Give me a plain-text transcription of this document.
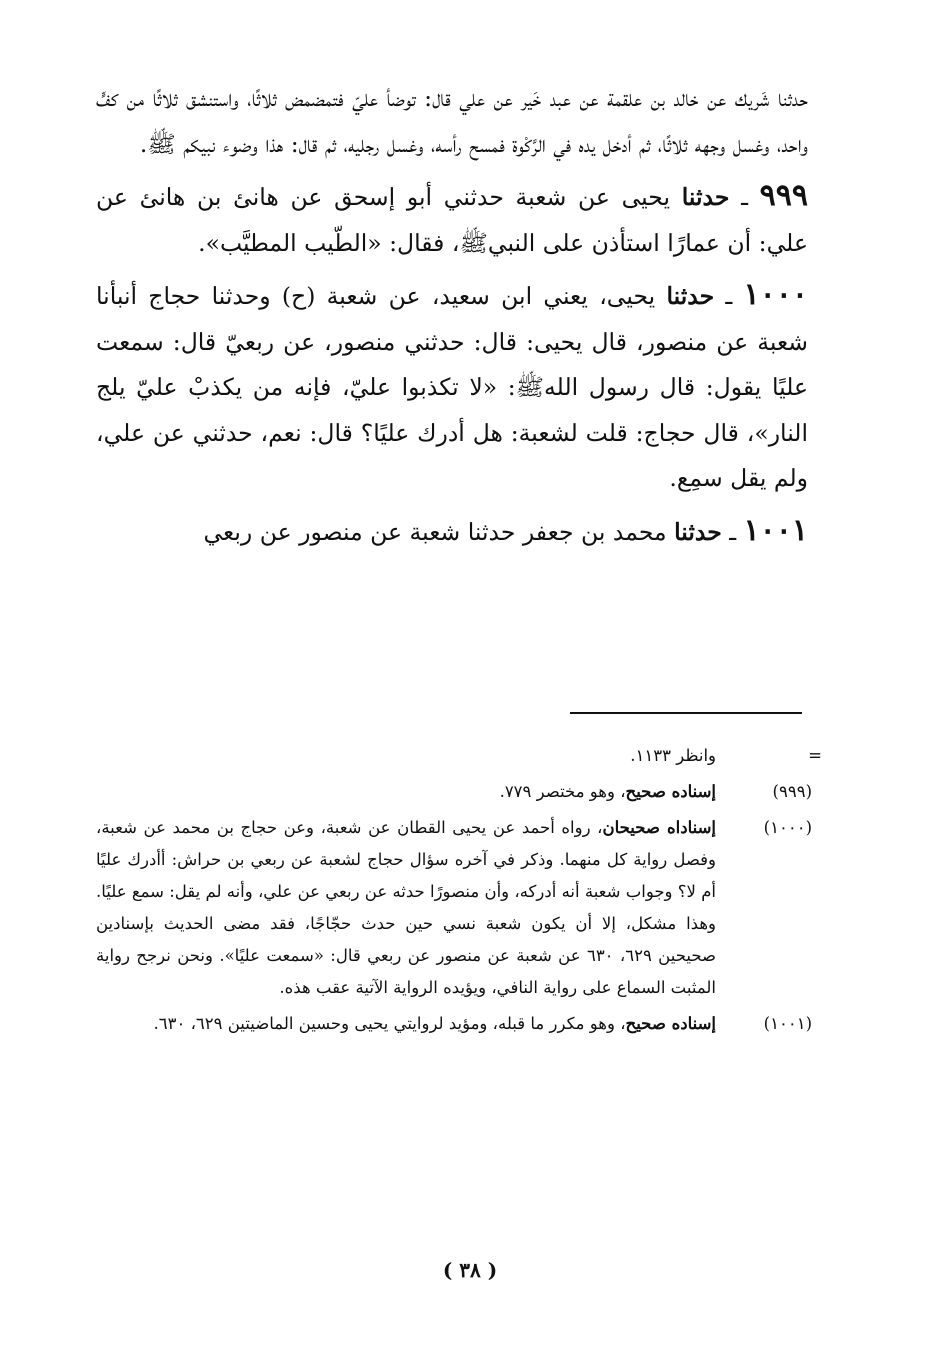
حدثنا شَريك عن خالد بن علقمة عن عبد خَير عن علي قال: توضأ عليّ فتمضمض ثلاثًا، واستنشق ثلاثًا من كفٍّ واحد، وغسل وجهه ثلاثًا، ثم أدخل يده في الرَّكْوة فمسح رأسه، وغسل رجليه، ثم قال: هذا وضوء نبيكم ﷺ.

٩٩٩ ـ حدثنا يحيى عن شعبة حدثني أبو إسحق عن هانئ بن هانئ عن علي: أن عمارًا استأذن على النبيﷺ، فقال: «الطّيب المطيَّب».

١٠٠٠ ـ حدثنا يحيى، يعني ابن سعيد، عن شعبة (ح) وحدثنا حجاج أنبأنا شعبة عن منصور، قال يحيى: قال: حدثني منصور، عن ربعيّ قال: سمعت عليًا يقول: قال رسول اللهﷺ: «لا تكذبوا عليّ، فإنه من يكذبْ عليّ يلج النار»، قال حجاج: قلت لشعبة: هل أدرك عليًا؟ قال: نعم، حدثني عن علي، ولم يقل سمِع.

١٠٠١ ـ حدثنا محمد بن جعفر حدثنا شعبة عن منصور عن ربعي

=
وانظر ١١٣٣.

(٩٩٩)
إسناده صحيح، وهو مختصر ٧٧٩.

(١٠٠٠)
إسناداه صحيحان، رواه أحمد عن يحيى القطان عن شعبة، وعن حجاج بن محمد عن شعبة، وفصل رواية كل منهما. وذكر في آخره سؤال حجاج لشعبة عن ربعي بن حراش: أأدرك عليًا أم لا؟ وجواب شعبة أنه أدركه، وأن منصورًا حدثه عن ربعي عن علي، وأنه لم يقل: سمع عليًا. وهذا مشكل، إلا أن يكون شعبة نسي حين حدث حجّاجًا، فقد مضى الحديث بإسنادين صحيحين ٦٢٩، ٦٣٠ عن شعبة عن منصور عن ربعي قال: «سمعت عليًا». ونحن نرجح رواية المثبت السماع على رواية النافي، ويؤيده الرواية الآتية عقب هذه.

(١٠٠١)
إسناده صحيح، وهو مكرر ما قبله، ومؤيد لروايتي يحيى وحسين الماضيتين ٦٢٩، ٦٣٠.

( ٣٨ )
